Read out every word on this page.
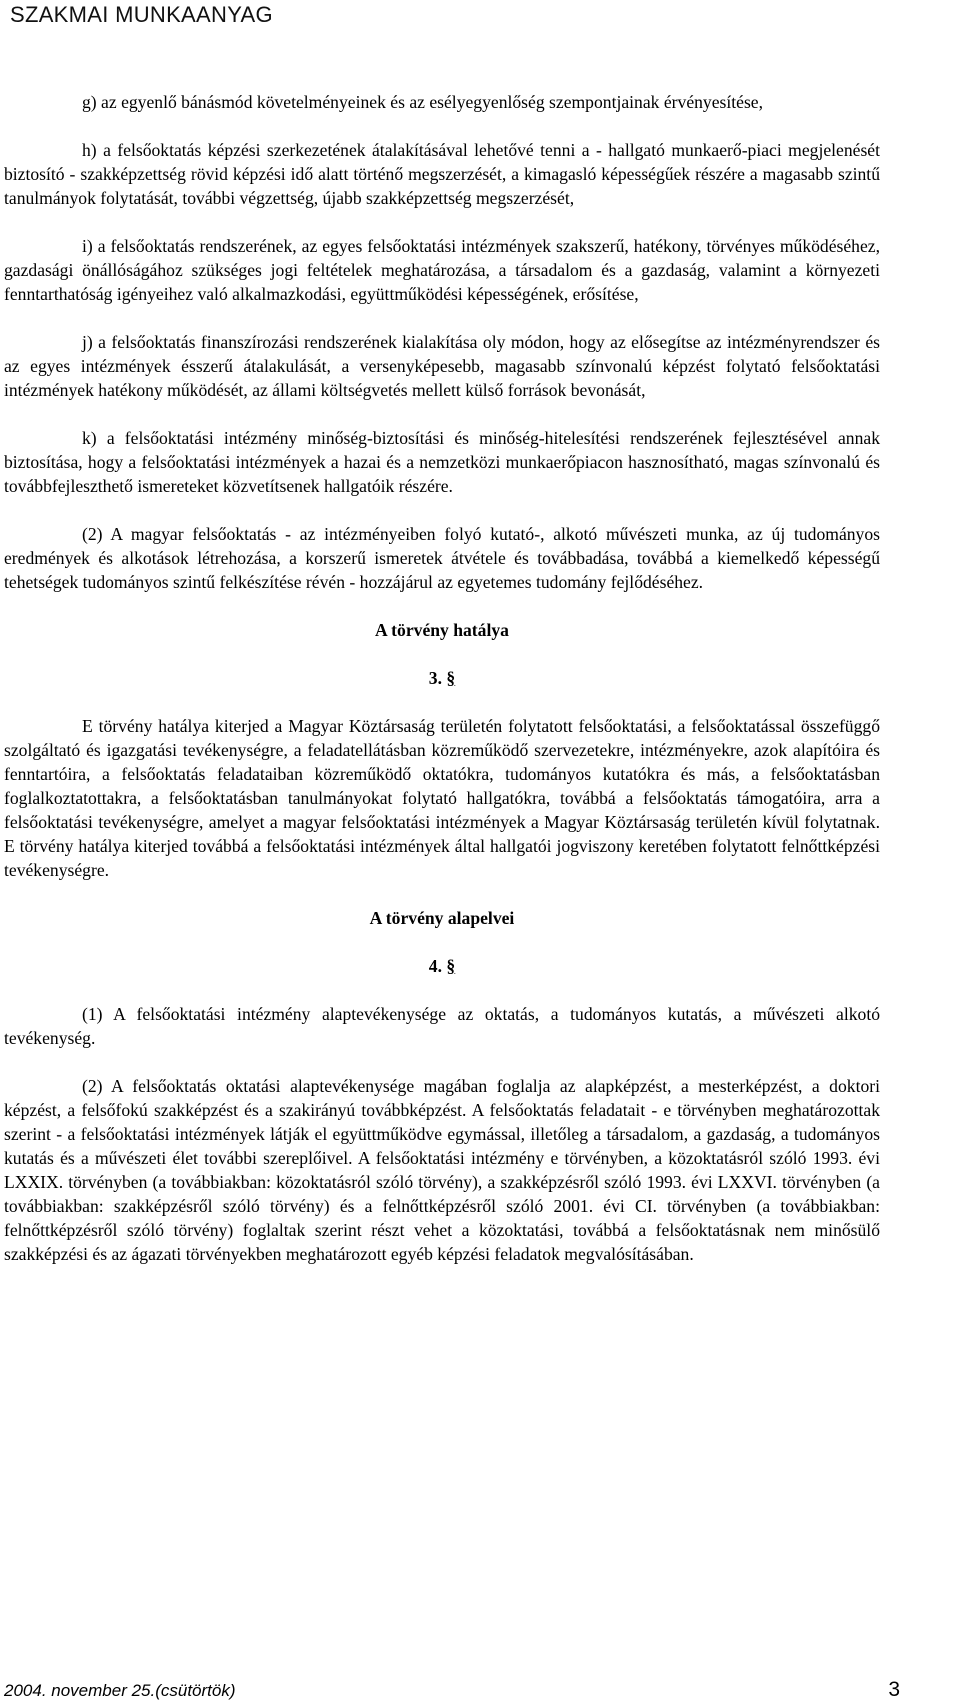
SZAKMAI MUNKAANYAG

g) az egyenlő bánásmód követelményeinek és az esélyegyenlőség szempontjainak érvényesítése,

h) a felsőoktatás képzési szerkezetének átalakításával lehetővé tenni a - hallgató munkaerő-piaci megjelenését biztosító - szakképzettség rövid képzési idő alatt történő megszerzését, a kimagasló képességűek részére a magasabb szintű tanulmányok folytatását, további végzettség, újabb szakképzettség megszerzését,

i) a felsőoktatás rendszerének, az egyes felsőoktatási intézmények szakszerű, hatékony, törvényes működéséhez, gazdasági önállóságához szükséges jogi feltételek meghatározása, a társadalom és a gazdaság, valamint a környezeti fenntarthatóság igényeihez való alkalmazkodási, együttműködési képességének, erősítése,

j) a felsőoktatás finanszírozási rendszerének kialakítása oly módon, hogy az elősegítse az intézményrendszer és az egyes intézmények ésszerű átalakulását, a versenyképesebb, magasabb színvonalú képzést folytató felsőoktatási intézmények hatékony működését, az állami költségvetés mellett külső források bevonását,

k) a felsőoktatási intézmény minőség-biztosítási és minőség-hitelesítési rendszerének fejlesztésével annak biztosítása, hogy a felsőoktatási intézmények a hazai és a nemzetközi munkaerőpiacon hasznosítható, magas színvonalú és továbbfejleszthető ismereteket közvetítsenek hallgatóik részére.

(2) A magyar felsőoktatás - az intézményeiben folyó kutató-, alkotó művészeti munka, az új tudományos eredmények és alkotások létrehozása, a korszerű ismeretek átvétele és továbbadása, továbbá a kiemelkedő képességű tehetségek tudományos szintű felkészítése révén - hozzájárul az egyetemes tudomány fejlődéséhez.

A törvény hatálya
3. §

E törvény hatálya kiterjed a Magyar Köztársaság területén folytatott felsőoktatási, a felsőoktatással összefüggő szolgáltató és igazgatási tevékenységre, a feladatellátásban közreműködő szervezetekre, intézményekre, azok alapítóira és fenntartóira, a felsőoktatás feladataiban közreműködő oktatókra, tudományos kutatókra és más, a felsőoktatásban foglalkoztatottakra, a felsőoktatásban tanulmányokat folytató hallgatókra, továbbá a felsőoktatás támogatóira, arra a felsőoktatási tevékenységre, amelyet a magyar felsőoktatási intézmények a Magyar Köztársaság területén kívül folytatnak. E törvény hatálya kiterjed továbbá a felsőoktatási intézmények által hallgatói jogviszony keretében folytatott felnőttképzési tevékenységre.

A törvény alapelvei
4. §

(1) A felsőoktatási intézmény alaptevékenysége az oktatás, a tudományos kutatás, a művészeti alkotó tevékenység.

(2) A felsőoktatás oktatási alaptevékenysége magában foglalja az alapképzést, a mesterképzést, a doktori képzést, a felsőfokú szakképzést és a szakirányú továbbképzést. A felsőoktatás feladatait - e törvényben meghatározottak szerint - a felsőoktatási intézmények látják el együttműködve egymással, illetőleg a társadalom, a gazdaság, a tudományos kutatás és a művészeti élet további szereplőivel. A felsőoktatási intézmény e törvényben, a közoktatásról szóló 1993. évi LXXIX. törvényben (a továbbiakban: közoktatásról szóló törvény), a szakképzésről szóló 1993. évi LXXVI. törvényben (a továbbiakban: szakképzésről szóló törvény) és a felnőttképzésről szóló 2001. évi CI. törvényben (a továbbiakban: felnőttképzésről szóló törvény) foglaltak szerint részt vehet a közoktatási, továbbá a felsőoktatásnak nem minősülő szakképzési és az ágazati törvényekben meghatározott egyéb képzési feladatok megvalósításában.

2004. november 25.(csütörtök)	3
